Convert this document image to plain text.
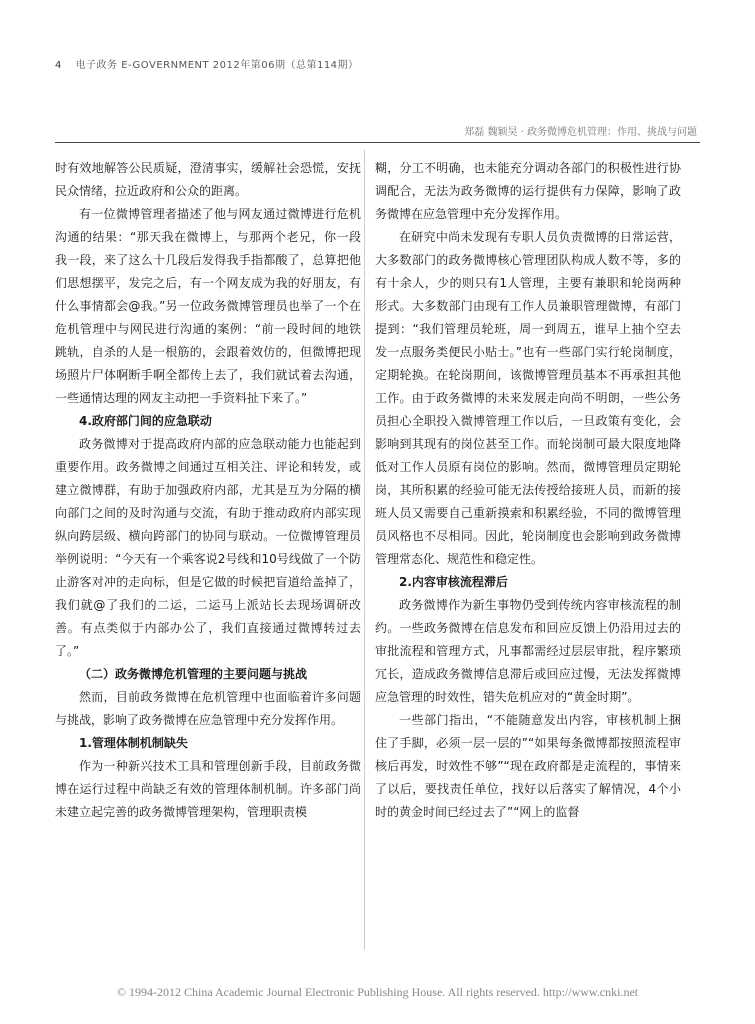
4 电子政务 E-GOVERNMENT 2012年第06期（总第114期）
郑磊 魏颖昊 · 政务微博危机管理：作用、挑战与问题

时有效地解答公民质疑，澄清事实，缓解社会恐慌，安抚民众情绪，拉近政府和公众的距离。

有一位微博管理者描述了他与网友通过微博进行危机沟通的结果：“那天我在微博上，与那两个老兄，你一段我一段，来了这么十几段后发得我手指都酸了，总算把他们思想摆平，发完之后，有一个网友成为我的好朋友，有什么事情都会@我。”另一位政务微博管理员也举了一个在危机管理中与网民进行沟通的案例：“前一段时间的地铁跳轨，自杀的人是一根筋的，会跟着效仿的，但微博把现场照片尸体啊断手啊全都传上去了，我们就试着去沟通，一些通情达理的网友主动把一手资料扯下来了。”

4.政府部门间的应急联动

政务微博对于提高政府内部的应急联动能力也能起到重要作用。政务微博之间通过互相关注、评论和转发，或建立微博群，有助于加强政府内部，尤其是互为分隔的横向部门之间的及时沟通与交流，有助于推动政府内部实现纵向跨层级、横向跨部门的协同与联动。一位微博管理员举例说明：“今天有一个乘客说2号线和10号线做了一个防止游客对冲的走向标，但是它做的时候把盲道给盖掉了，我们就@了我们的二运，二运马上派站长去现场调研改善。有点类似于内部办公了，我们直接通过微博转过去了。”

（二）政务微博危机管理的主要问题与挑战

然而，目前政务微博在危机管理中也面临着许多问题与挑战，影响了政务微博在应急管理中充分发挥作用。

1.管理体制机制缺失

作为一种新兴技术工具和管理创新手段，目前政务微博在运行过程中尚缺乏有效的管理体制机制。许多部门尚未建立起完善的政务微博管理架构，管理职责模

糊，分工不明确，也未能充分调动各部门的积极性进行协调配合，无法为政务微博的运行提供有力保障，影响了政务微博在应急管理中充分发挥作用。

在研究中尚未发现有专职人员负责微博的日常运营，大多数部门的政务微博核心管理团队构成人数不等，多的有十余人，少的则只有1人管理，主要有兼职和轮岗两种形式。大多数部门由现有工作人员兼职管理微博，有部门提到：“我们管理员轮班，周一到周五，谁早上抽个空去发一点服务类便民小贴士。”也有一些部门实行轮岗制度，定期轮换。在轮岗期间，该微博管理员基本不再承担其他工作。由于政务微博的未来发展走向尚不明朗，一些公务员担心全职投入微博管理工作以后，一旦政策有变化，会影响到其现有的岗位甚至工作。而轮岗制可最大限度地降低对工作人员原有岗位的影响。然而，微博管理员定期轮岗，其所积累的经验可能无法传授给接班人员，而新的接班人员又需要自己重新摸索和积累经验，不同的微博管理员风格也不尽相同。因此，轮岗制度也会影响到政务微博管理常态化、规范性和稳定性。

2.内容审核流程滞后

政务微博作为新生事物仍受到传统内容审核流程的制约。一些政务微博在信息发布和回应反馈上仍沿用过去的审批流程和管理方式，凡事都需经过层层审批，程序繁琐冗长，造成政务微博信息滞后或回应过慢，无法发挥微博应急管理的时效性，错失危机应对的“黄金时期”。

一些部门指出，“不能随意发出内容，审核机制上捆住了手脚，必须一层一层的”“如果每条微博都按照流程审核后再发，时效性不够”“现在政府都是走流程的，事情来了以后，要找责任单位，找好以后落实了解情况，4个小时的黄金时间已经过去了”“网上的监督

© 1994-2012 China Academic Journal Electronic Publishing House. All rights reserved. http://www.cnki.net
